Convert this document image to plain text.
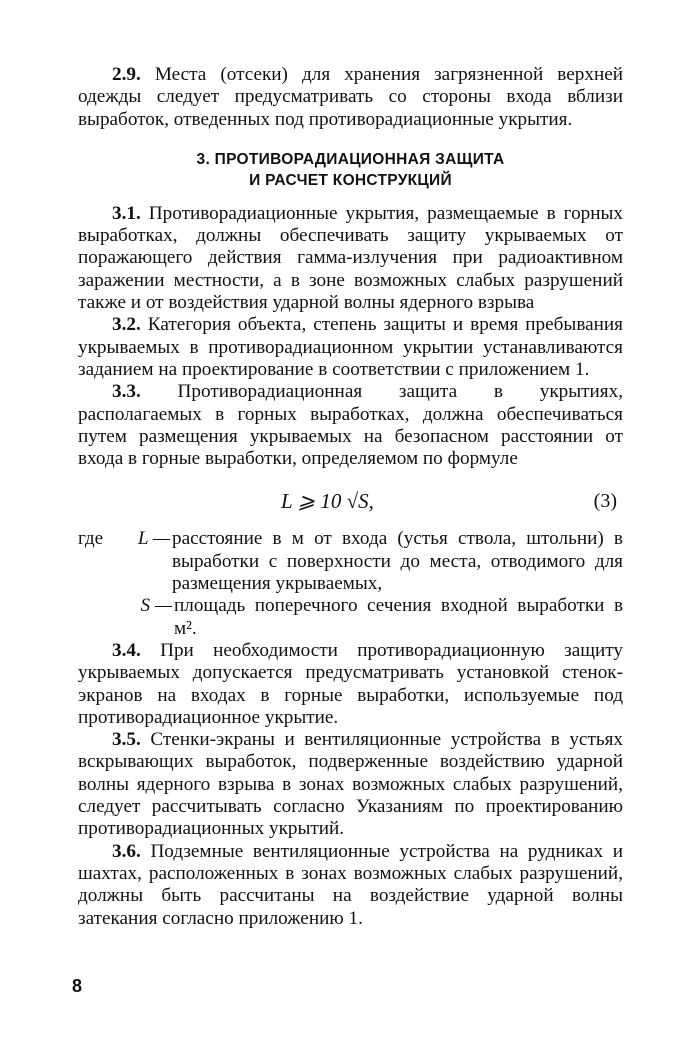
2.9. Места (отсеки) для хранения загрязненной верхней одежды следует предусматривать со стороны входа вблизи выработок, отведенных под противорадиационные укрытия.

3. ПРОТИВОРАДИАЦИОННАЯ ЗАЩИТА
И РАСЧЕТ КОНСТРУКЦИЙ

3.1. Противорадиационные укрытия, размещаемые в горных выработках, должны обеспечивать защиту укрываемых от поражающего действия гамма-излучения при радиоактивном заражении местности, а в зоне возможных слабых разрушений также и от воздействия ударной волны ядерного взрыва

3.2. Категория объекта, степень защиты и время пребывания укрываемых в противорадиационном укрытии устанавливаются заданием на проектирование в соответствии с приложением 1.

3.3. Противорадиационная защита в укрытиях, располагаемых в горных выработках, должна обеспечиваться путем размещения укрываемых на безопасном расстоянии от входа в горные выработки, определяемом по формуле

L ⩾ 10 √S,	(3)
где	L — расстояние в м от входа (устья ствола, штольни) в выработки с поверхности до места, отводимого для размещения укрываемых,
S — площадь поперечного сечения входной выработки в м².

3.4. При необходимости противорадиационную защиту укрываемых допускается предусматривать установкой стенок-экранов на входах в горные выработки, используемые под противорадиационное укрытие.

3.5. Стенки-экраны и вентиляционные устройства в устьях вскрывающих выработок, подверженные воздействию ударной волны ядерного взрыва в зонах возможных слабых разрушений, следует рассчитывать согласно Указаниям по проектированию противорадиационных укрытий.

3.6. Подземные вентиляционные устройства на рудниках и шахтах, расположенных в зонах возможных слабых разрушений, должны быть рассчитаны на воздействие ударной волны затекания согласно приложению 1.

8
